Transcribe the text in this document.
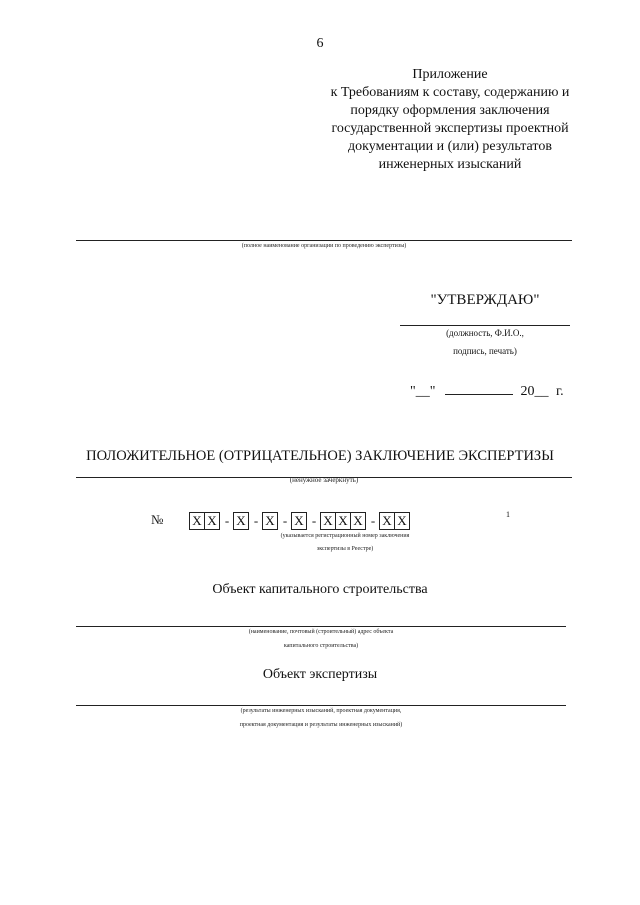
6
Приложение
к Требованиям к составу, содержанию и
порядку оформления заключения
государственной экспертизы проектной
документации и (или) результатов
инженерных изысканий
(полное наименование организации по проведению экспертизы)
"УТВЕРЖДАЮ"
(должность, Ф.И.О.,
подпись, печать)
"__"	20__ г.
ПОЛОЖИТЕЛЬНОЕ (ОТРИЦАТЕЛЬНОЕ) ЗАКЛЮЧЕНИЕ ЭКСПЕРТИЗЫ
(ненужное зачеркнуть)
№ X X - X - X - X - X X X - X X	1
(указывается регистрационный номер заключения
экспертизы в Реестре)
Объект капитального строительства
(наименование, почтовый (строительный) адрес объекта
капитального строительства)
Объект экспертизы
(результаты инженерных изысканий, проектная документация,
проектная документация и результаты инженерных изысканий)
